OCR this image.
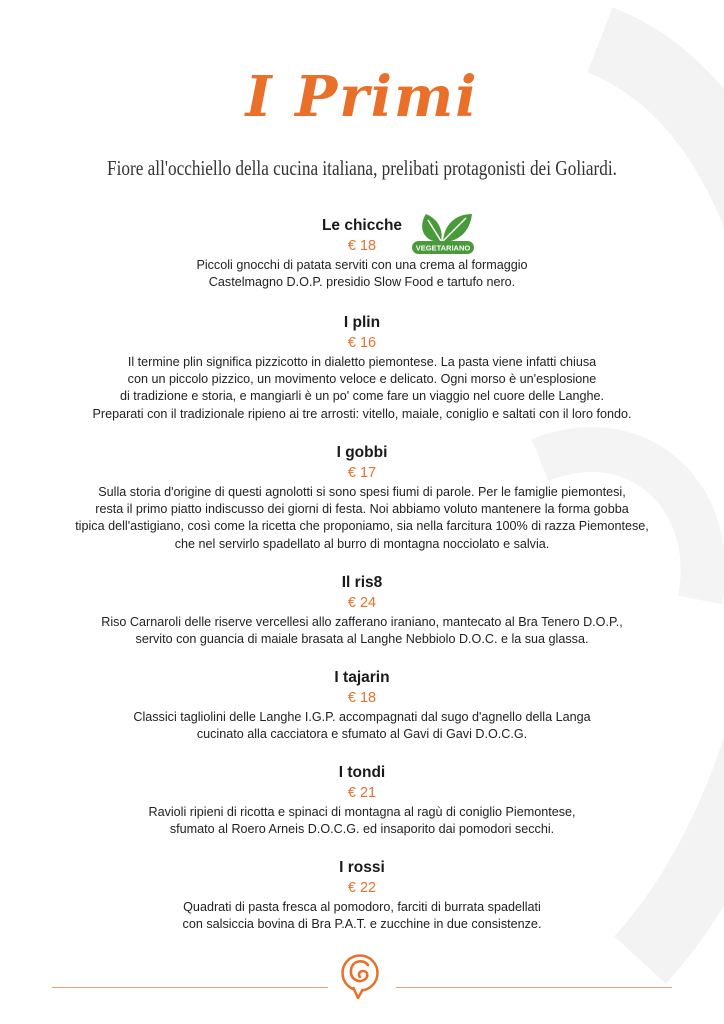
I Primi

Fiore all'occhiello della cucina italiana, prelibati protagonisti dei Goliardi.

Le chicche
€ 18	VEGETARIANO

Piccoli gnocchi di patata serviti con una crema al formaggio
Castelmagno D.O.P. presidio Slow Food e tartufo nero.

I plin
€ 16

Il termine plin significa pizzicotto in dialetto piemontese. La pasta viene infatti chiusa
con un piccolo pizzico, un movimento veloce e delicato. Ogni morso è un'esplosione
di tradizione e storia, e mangiarli è un po' come fare un viaggio nel cuore delle Langhe.
Preparati con il tradizionale ripieno ai tre arrosti: vitello, maiale, coniglio e saltati con il loro fondo.

I gobbi
€ 17

Sulla storia d'origine di questi agnolotti si sono spesi fiumi di parole. Per le famiglie piemontesi,
resta il primo piatto indiscusso dei giorni di festa. Noi abbiamo voluto mantenere la forma gobba
tipica dell'astigiano, così come la ricetta che proponiamo, sia nella farcitura 100% di razza Piemontese,
che nel servirlo spadellato al burro di montagna nocciolato e salvia.

Il ris8
€ 24

Riso Carnaroli delle riserve vercellesi allo zafferano iraniano, mantecato al Bra Tenero D.O.P.,
servito con guancia di maiale brasata al Langhe Nebbiolo D.O.C. e la sua glassa.

I tajarin
€ 18

Classici tagliolini delle Langhe I.G.P. accompagnati dal sugo d'agnello della Langa
cucinato alla cacciatora e sfumato al Gavi di Gavi D.O.C.G.

I tondi
€ 21

Ravioli ripieni di ricotta e spinaci di montagna al ragù di coniglio Piemontese,
sfumato al Roero Arneis D.O.C.G. ed insaporito dai pomodori secchi.

I rossi
€ 22

Quadrati di pasta fresca al pomodoro, farciti di burrata spadellati
con salsiccia bovina di Bra P.A.T. e zucchine in due consistenze.
